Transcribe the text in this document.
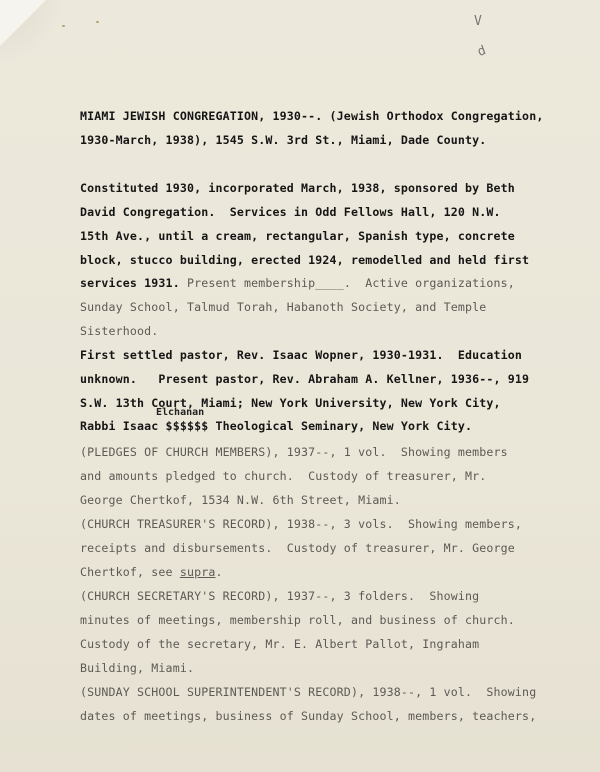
V
d
MIAMI JEWISH CONGREGATION, 1930--. (Jewish Orthodox Congregation,
1930-March, 1938), 1545 S.W. 3rd St., Miami, Dade County.
Constituted 1930, incorporated March, 1938, sponsored by Beth
David Congregation.  Services in Odd Fellows Hall, 120 N.W.
15th Ave., until a cream, rectangular, Spanish type, concrete
block, stucco building, erected 1924, remodelled and held first
services 1931. Present membership____.  Active organizations,
Sunday School, Talmud Torah, Habanoth Society, and Temple
Sisterhood.
First settled pastor, Rev. Isaac Wopner, 1930-1931.  Education
unknown.   Present pastor, Rev. Abraham A. Kellner, 1936--, 919
S.W. 13th Court, Miami; New York University, New York City,
Elchanan
Rabbi Isaac $$$$$$ Theological Seminary, New York City.
(PLEDGES OF CHURCH MEMBERS), 1937--, 1 vol.  Showing members
and amounts pledged to church.  Custody of treasurer, Mr.
George Chertkof, 1534 N.W. 6th Street, Miami.
(CHURCH TREASURER'S RECORD), 1938--, 3 vols.  Showing members,
receipts and disbursements.  Custody of treasurer, Mr. George
Chertkof, see supra.
(CHURCH SECRETARY'S RECORD), 1937--, 3 folders.  Showing
minutes of meetings, membership roll, and business of church.
Custody of the secretary, Mr. E. Albert Pallot, Ingraham
Building, Miami.
(SUNDAY SCHOOL SUPERINTENDENT'S RECORD), 1938--, 1 vol.  Showing
dates of meetings, business of Sunday School, members, teachers,
